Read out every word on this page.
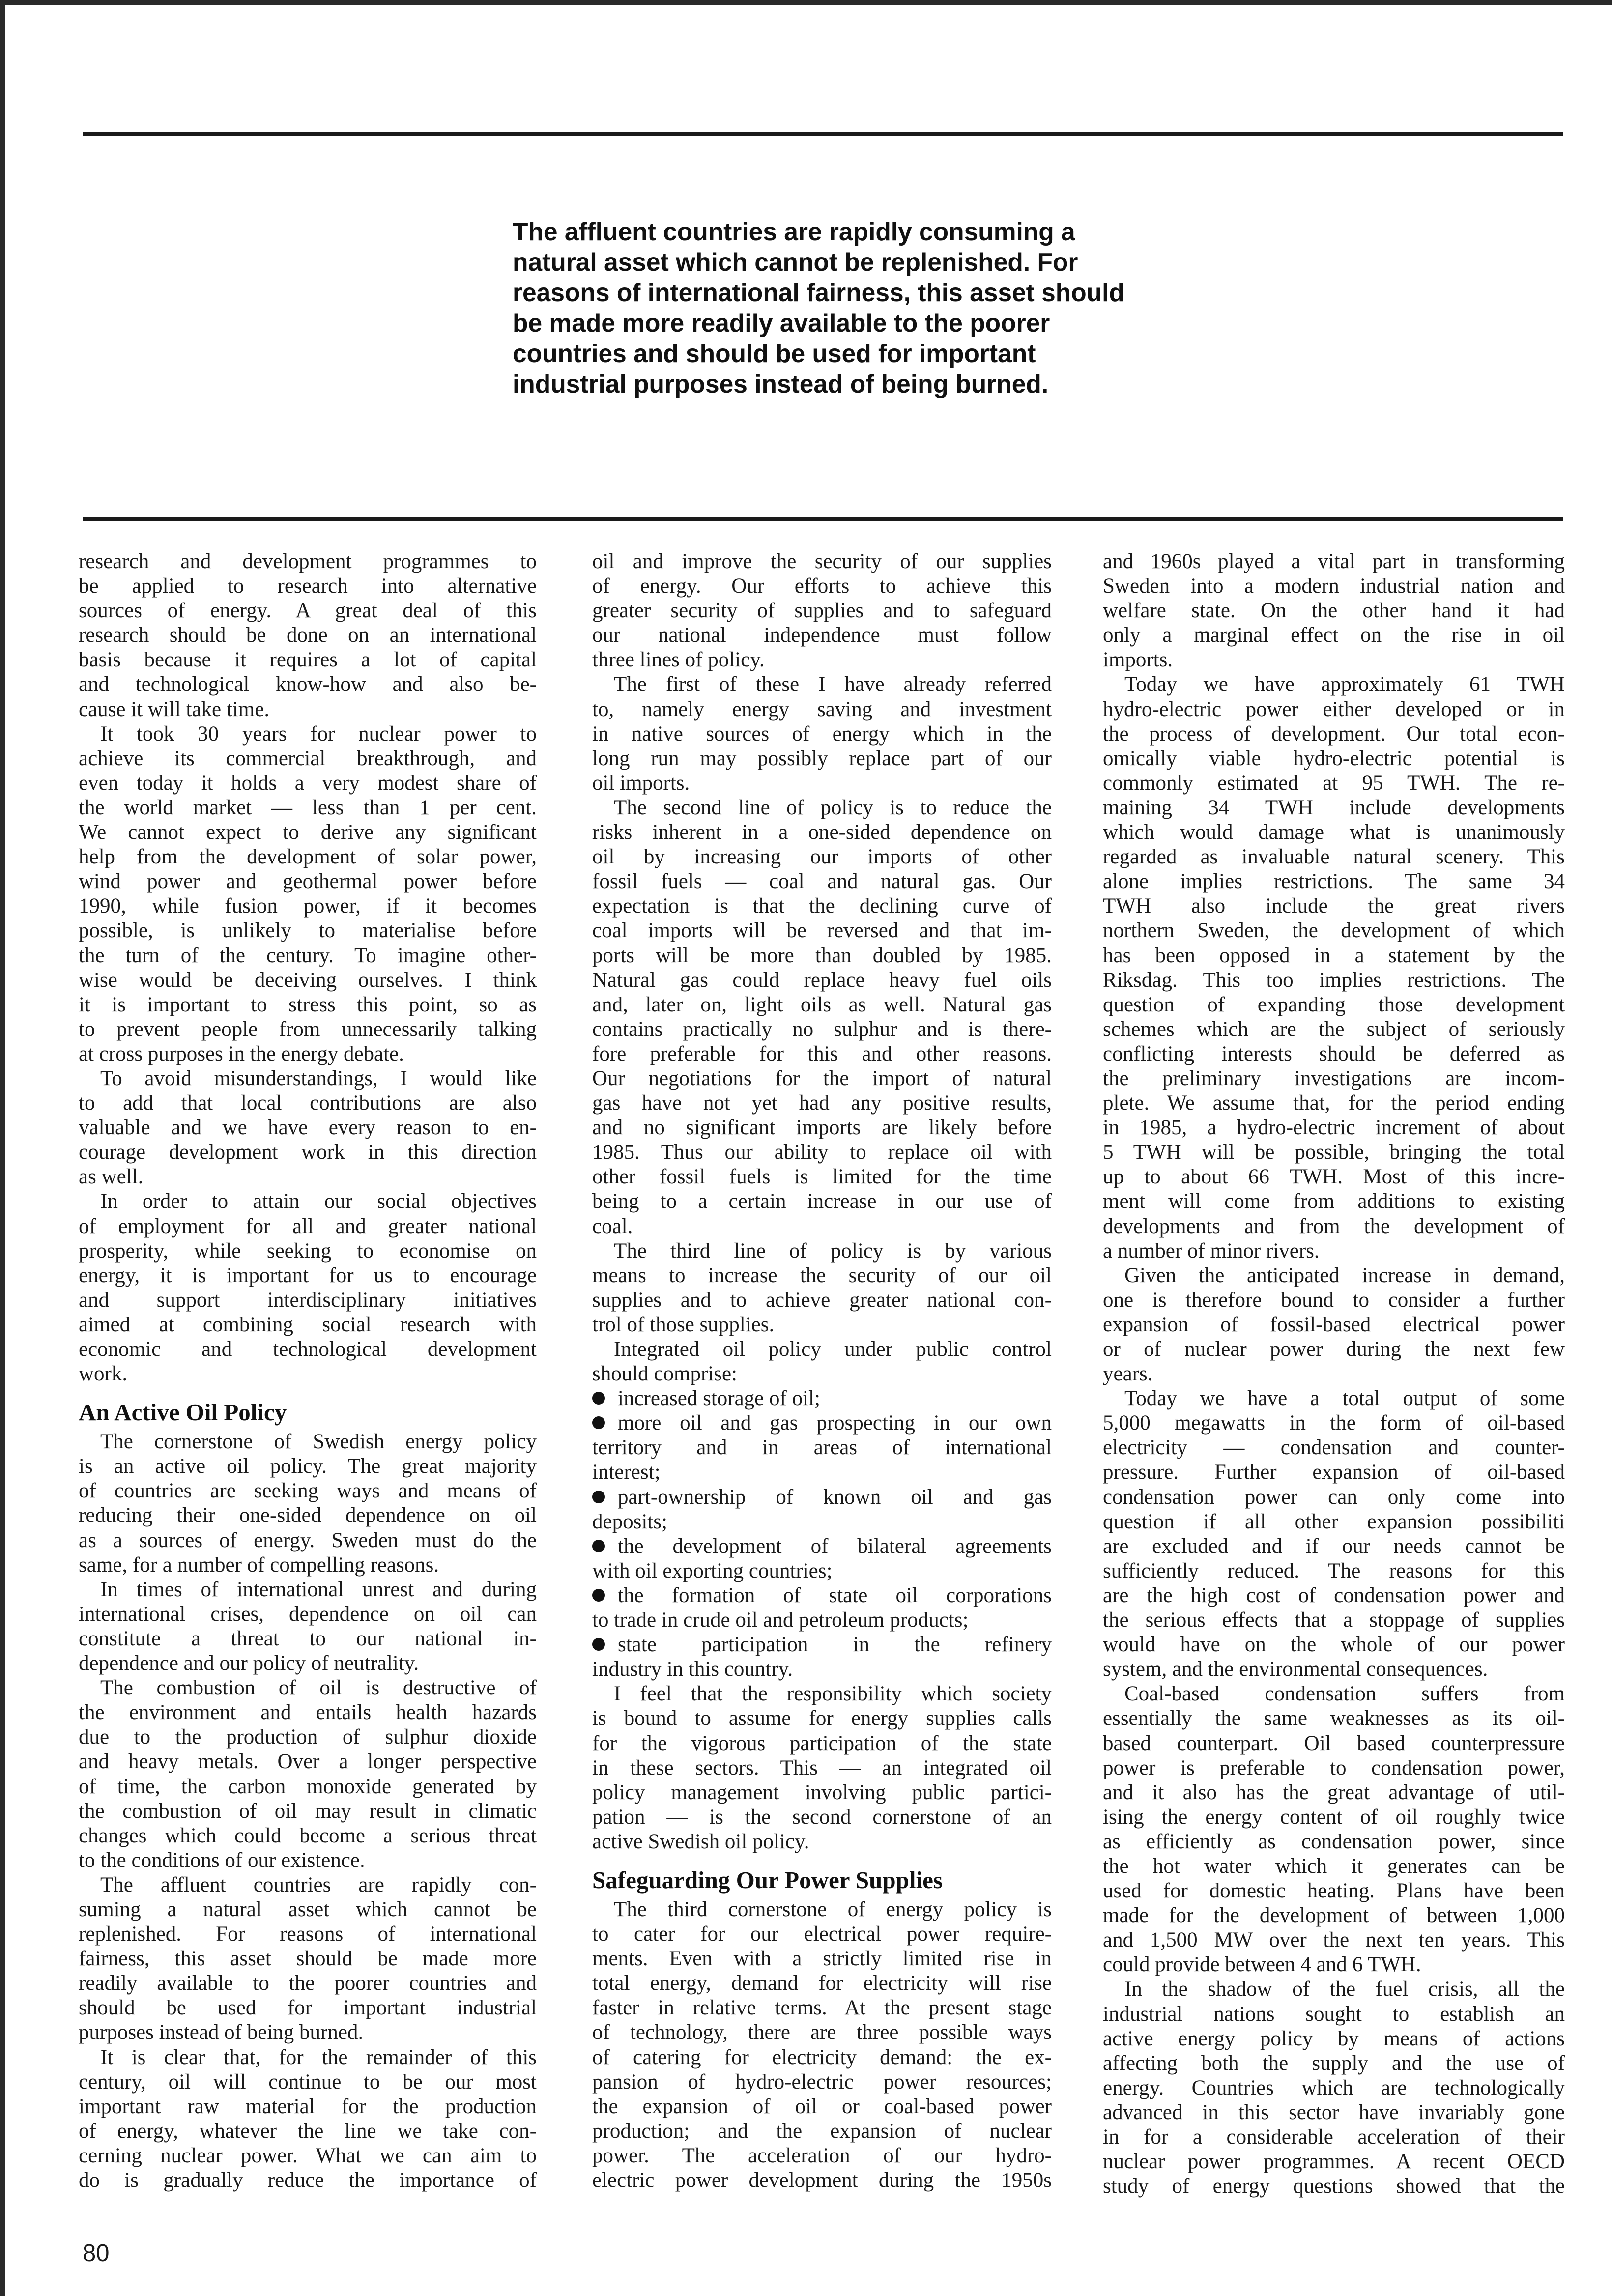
The affluent countries are rapidly consuming a
natural asset which cannot be replenished. For
reasons of international fairness, this asset should
be made more readily available to the poorer
countries and should be used for important
industrial purposes instead of being burned.

research and development programmes to
be applied to research into alternative
sources of energy. A great deal of this
research should be done on an international
basis because it requires a lot of capital
and technological know-how and also be-
cause it will take time.

It took 30 years for nuclear power to
achieve its commercial breakthrough, and
even today it holds a very modest share of
the world market — less than 1 per cent.
We cannot expect to derive any significant
help from the development of solar power,
wind power and geothermal power before
1990, while fusion power, if it becomes
possible, is unlikely to materialise before
the turn of the century. To imagine other-
wise would be deceiving ourselves. I think
it is important to stress this point, so as
to prevent people from unnecessarily talking
at cross purposes in the energy debate.

To avoid misunderstandings, I would like
to add that local contributions are also
valuable and we have every reason to en-
courage development work in this direction
as well.

In order to attain our social objectives
of employment for all and greater national
prosperity, while seeking to economise on
energy, it is important for us to encourage
and support interdisciplinary initiatives
aimed at combining social research with
economic and technological development
work.

An Active Oil Policy

The cornerstone of Swedish energy policy
is an active oil policy. The great majority
of countries are seeking ways and means of
reducing their one-sided dependence on oil
as a sources of energy. Sweden must do the
same, for a number of compelling reasons.

In times of international unrest and during
international crises, dependence on oil can
constitute a threat to our national in-
dependence and our policy of neutrality.

The combustion of oil is destructive of
the environment and entails health hazards
due to the production of sulphur dioxide
and heavy metals. Over a longer perspective
of time, the carbon monoxide generated by
the combustion of oil may result in climatic
changes which could become a serious threat
to the conditions of our existence.

The affluent countries are rapidly con-
suming a natural asset which cannot be
replenished. For reasons of international
fairness, this asset should be made more
readily available to the poorer countries and
should be used for important industrial
purposes instead of being burned.

It is clear that, for the remainder of this
century, oil will continue to be our most
important raw material for the production
of energy, whatever the line we take con-
cerning nuclear power. What we can aim to
do is gradually reduce the importance of

oil and improve the security of our supplies
of energy. Our efforts to achieve this
greater security of supplies and to safeguard
our national independence must follow
three lines of policy.

The first of these I have already referred
to, namely energy saving and investment
in native sources of energy which in the
long run may possibly replace part of our
oil imports.

The second line of policy is to reduce the
risks inherent in a one-sided dependence on
oil by increasing our imports of other
fossil fuels — coal and natural gas. Our
expectation is that the declining curve of
coal imports will be reversed and that im-
ports will be more than doubled by 1985.
Natural gas could replace heavy fuel oils
and, later on, light oils as well. Natural gas
contains practically no sulphur and is there-
fore preferable for this and other reasons.
Our negotiations for the import of natural
gas have not yet had any positive results,
and no significant imports are likely before
1985. Thus our ability to replace oil with
other fossil fuels is limited for the time
being to a certain increase in our use of
coal.

The third line of policy is by various
means to increase the security of our oil
supplies and to achieve greater national con-
trol of those supplies.

Integrated oil policy under public control
should comprise:

increased storage of oil;

more oil and gas prospecting in our own
territory and in areas of international
interest;

part-ownership of known oil and gas
deposits;

the development of bilateral agreements
with oil exporting countries;

the formation of state oil corporations
to trade in crude oil and petroleum products;

state participation in the refinery
industry in this country.

I feel that the responsibility which society
is bound to assume for energy supplies calls
for the vigorous participation of the state
in these sectors. This — an integrated oil
policy management involving public partici-
pation — is the second cornerstone of an
active Swedish oil policy.

Safeguarding Our Power Supplies

The third cornerstone of energy policy is
to cater for our electrical power require-
ments. Even with a strictly limited rise in
total energy, demand for electricity will rise
faster in relative terms. At the present stage
of technology, there are three possible ways
of catering for electricity demand: the ex-
pansion of hydro-electric power resources;
the expansion of oil or coal-based power
production; and the expansion of nuclear
power. The acceleration of our hydro-
electric power development during the 1950s

and 1960s played a vital part in transforming
Sweden into a modern industrial nation and
welfare state. On the other hand it had
only a marginal effect on the rise in oil
imports.

Today we have approximately 61 TWH
hydro-electric power either developed or in
the process of development. Our total econ-
omically viable hydro-electric potential is
commonly estimated at 95 TWH. The re-
maining 34 TWH include developments
which would damage what is unanimously
regarded as invaluable natural scenery. This
alone implies restrictions. The same 34
TWH also include the great rivers
northern Sweden, the development of which
has been opposed in a statement by the
Riksdag. This too implies restrictions. The
question of expanding those development
schemes which are the subject of seriously
conflicting interests should be deferred as
the preliminary investigations are incom-
plete. We assume that, for the period ending
in 1985, a hydro-electric increment of about
5 TWH will be possible, bringing the total
up to about 66 TWH. Most of this incre-
ment will come from additions to existing
developments and from the development of
a number of minor rivers.

Given the anticipated increase in demand,
one is therefore bound to consider a further
expansion of fossil-based electrical power
or of nuclear power during the next few
years.

Today we have a total output of some
5,000 megawatts in the form of oil-based
electricity — condensation and counter-
pressure. Further expansion of oil-based
condensation power can only come into
question if all other expansion possibiliti
are excluded and if our needs cannot be
sufficiently reduced. The reasons for this
are the high cost of condensation power and
the serious effects that a stoppage of supplies
would have on the whole of our power
system, and the environmental consequences.

Coal-based condensation suffers from
essentially the same weaknesses as its oil-
based counterpart. Oil based counterpressure
power is preferable to condensation power,
and it also has the great advantage of util-
ising the energy content of oil roughly twice
as efficiently as condensation power, since
the hot water which it generates can be
used for domestic heating. Plans have been
made for the development of between 1,000
and 1,500 MW over the next ten years. This
could provide between 4 and 6 TWH.

In the shadow of the fuel crisis, all the
industrial nations sought to establish an
active energy policy by means of actions
affecting both the supply and the use of
energy. Countries which are technologically
advanced in this sector have invariably gone
in for a considerable acceleration of their
nuclear power programmes. A recent OECD
study of energy questions showed that the

80
